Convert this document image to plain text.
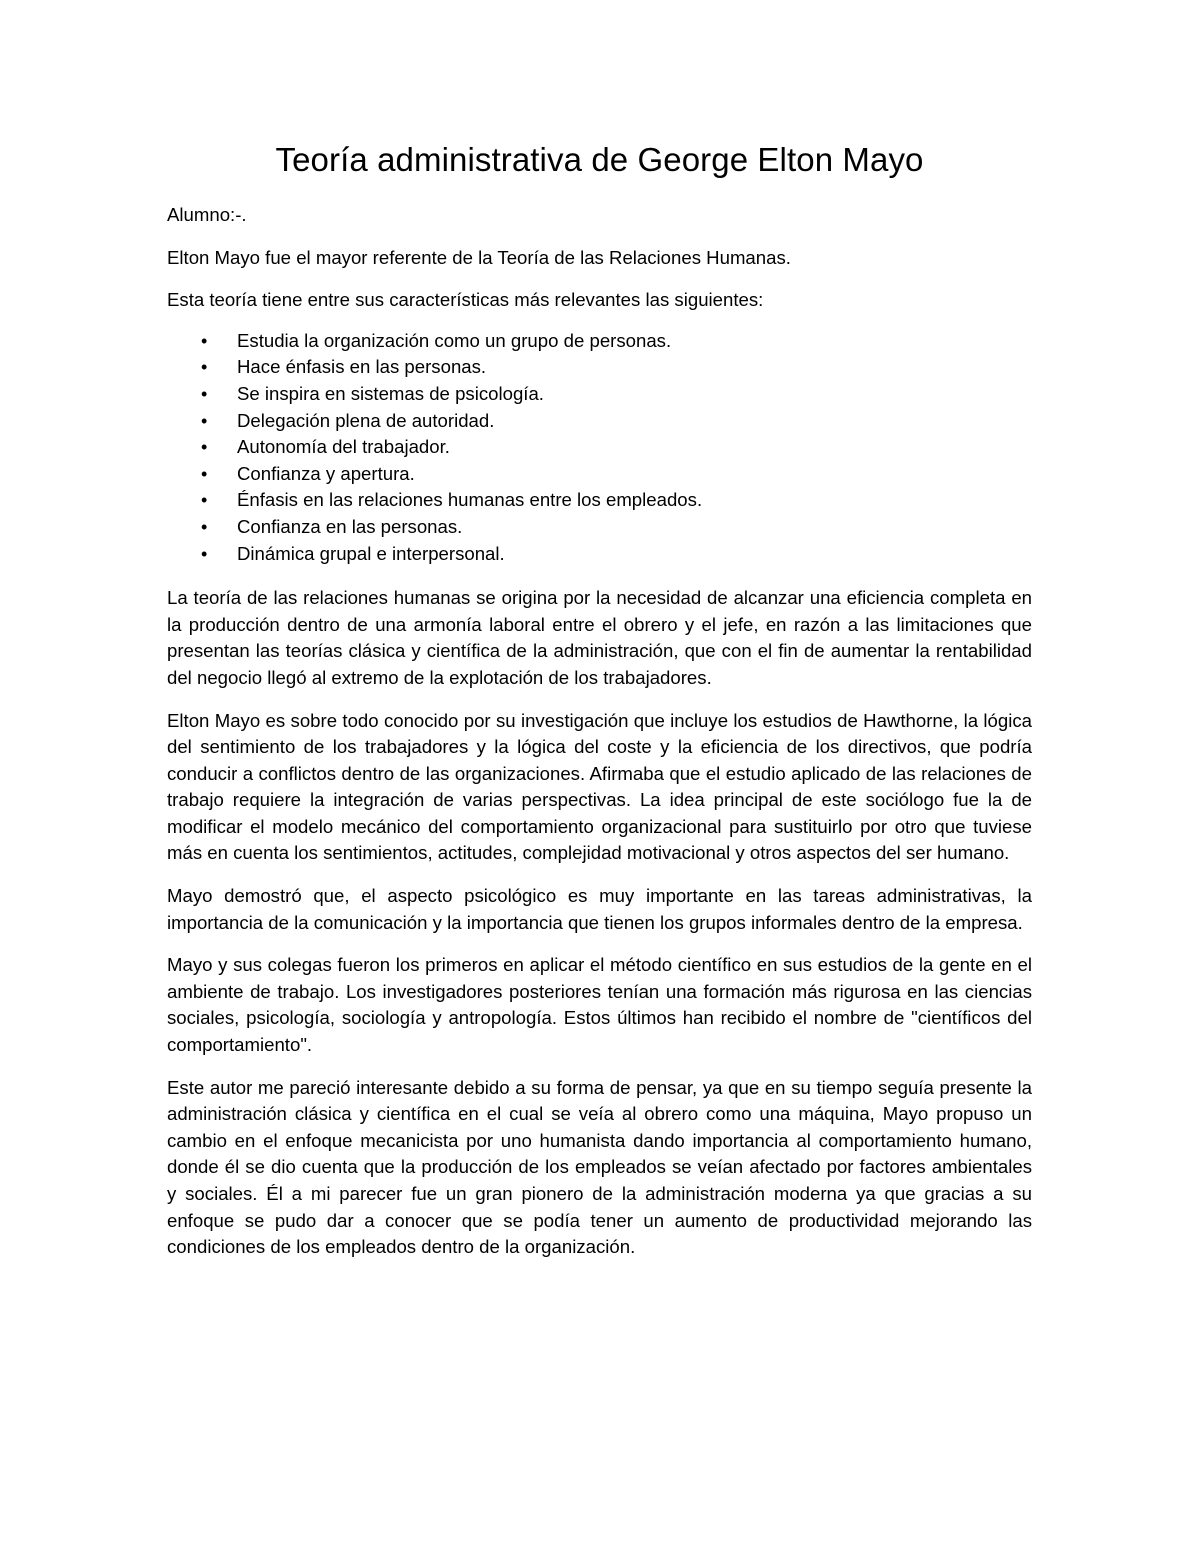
Teoría administrativa de George Elton Mayo

Alumno:-.

Elton Mayo fue el mayor referente de la Teoría de las Relaciones Humanas.

Esta teoría tiene entre sus características más relevantes las siguientes:

• Estudia la organización como un grupo de personas.
• Hace énfasis en las personas.
• Se inspira en sistemas de psicología.
• Delegación plena de autoridad.
• Autonomía del trabajador.
• Confianza y apertura.
• Énfasis en las relaciones humanas entre los empleados.
• Confianza en las personas.
• Dinámica grupal e interpersonal.

La teoría de las relaciones humanas se origina por la necesidad de alcanzar una eficiencia completa en la producción dentro de una armonía laboral entre el obrero y el jefe, en razón a las limitaciones que presentan las teorías clásica y científica de la administración, que con el fin de aumentar la rentabilidad del negocio llegó al extremo de la explotación de los trabajadores.

Elton Mayo es sobre todo conocido por su investigación que incluye los estudios de Hawthorne, la lógica del sentimiento de los trabajadores y la lógica del coste y la eficiencia de los directivos, que podría conducir a conflictos dentro de las organizaciones. Afirmaba que el estudio aplicado de las relaciones de trabajo requiere la integración de varias perspectivas. La idea principal de este sociólogo fue la de modificar el modelo mecánico del comportamiento organizacional para sustituirlo por otro que tuviese más en cuenta los sentimientos, actitudes, complejidad motivacional y otros aspectos del ser humano.

Mayo demostró que, el aspecto psicológico es muy importante en las tareas administrativas, la importancia de la comunicación y la importancia que tienen los grupos informales dentro de la empresa.

Mayo y sus colegas fueron los primeros en aplicar el método científico en sus estudios de la gente en el ambiente de trabajo. Los investigadores posteriores tenían una formación más rigurosa en las ciencias sociales, psicología, sociología y antropología. Estos últimos han recibido el nombre de "científicos del comportamiento".

Este autor me pareció interesante debido a su forma de pensar, ya que en su tiempo seguía presente la administración clásica y científica en el cual se veía al obrero como una máquina, Mayo propuso un cambio en el enfoque mecanicista por uno humanista dando importancia al comportamiento humano, donde él se dio cuenta que la producción de los empleados se veían afectado por factores ambientales y sociales. Él a mi parecer fue un gran pionero de la administración moderna ya que gracias a su enfoque se pudo dar a conocer que se podía tener un aumento de productividad mejorando las condiciones de los empleados dentro de la organización.
